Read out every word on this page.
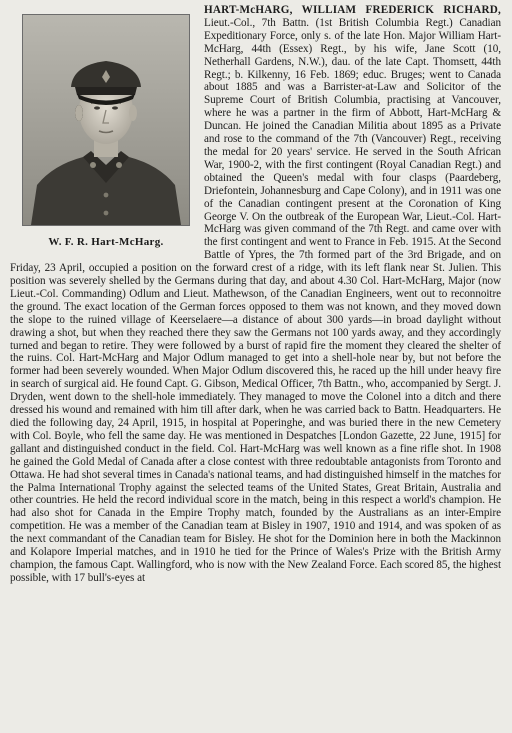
W. F. R. Hart-McHarg.
HART-McHARG, WILLIAM FREDERICK RICHARD, Lieut.-Col., 7th Battn. (1st British Columbia Regt.) Canadian Expeditionary Force, only s. of the late Hon. Major William Hart-McHarg, 44th (Essex) Regt., by his wife, Jane Scott (10, Netherhall Gardens, N.W.), dau. of the late Capt. Thomsett, 44th Regt.; b. Kilkenny, 16 Feb. 1869; educ. Bruges; went to Canada about 1885 and was a Barrister-at-Law and Solicitor of the Supreme Court of British Columbia, practising at Vancouver, where he was a partner in the firm of Abbott, Hart-McHarg & Duncan. He joined the Canadian Militia about 1895 as a Private and rose to the command of the 7th (Vancouver) Regt., receiving the medal for 20 years' service. He served in the South African War, 1900-2, with the first contingent (Royal Canadian Regt.) and obtained the Queen's medal with four clasps (Paardeberg, Driefontein, Johannesburg and Cape Colony), and in 1911 was one of the Canadian contingent present at the Coronation of King George V. On the outbreak of the European War, Lieut.-Col. Hart-McHarg was given command of the 7th Regt. and came over with the first contingent and went to France in Feb. 1915. At the Second Battle of Ypres, the 7th formed part of the 3rd Brigade, and on Friday, 23 April, occupied a position on the forward crest of a ridge, with its left flank near St. Julien. This position was severely shelled by the Germans during that day, and about 4.30 Col. Hart-McHarg, Major (now Lieut.-Col. Commanding) Odlum and Lieut. Mathewson, of the Canadian Engineers, went out to reconnoitre the ground. The exact location of the German forces opposed to them was not known, and they moved down the slope to the ruined village of Keerselaere—a distance of about 300 yards—in broad daylight without drawing a shot, but when they reached there they saw the Germans not 100 yards away, and they accordingly turned and began to retire. They were followed by a burst of rapid fire the moment they cleared the shelter of the ruins. Col. Hart-McHarg and Major Odlum managed to get into a shell-hole near by, but not before the former had been severely wounded. When Major Odlum discovered this, he raced up the hill under heavy fire in search of surgical aid. He found Capt. G. Gibson, Medical Officer, 7th Battn., who, accompanied by Sergt. J. Dryden, went down to the shell-hole immediately. They managed to move the Colonel into a ditch and there dressed his wound and remained with him till after dark, when he was carried back to Battn. Headquarters. He died the following day, 24 April, 1915, in hospital at Poperinghe, and was buried there in the new Cemetery with Col. Boyle, who fell the same day. He was mentioned in Despatches [London Gazette, 22 June, 1915] for gallant and distinguished conduct in the field. Col. Hart-McHarg was well known as a fine rifle shot. In 1908 he gained the Gold Medal of Canada after a close contest with three redoubtable antagonists from Toronto and Ottawa. He had shot several times in Canada's national teams, and had distinguished himself in the matches for the Palma International Trophy against the selected teams of the United States, Great Britain, Australia and other countries. He held the record individual score in the match, being in this respect a world's champion. He had also shot for Canada in the Empire Trophy match, founded by the Australians as an inter-Empire competition. He was a member of the Canadian team at Bisley in 1907, 1910 and 1914, and was spoken of as the next commandant of the Canadian team for Bisley. He shot for the Dominion here in both the Mackinnon and Kolapore Imperial matches, and in 1910 he tied for the Prince of Wales's Prize with the British Army champion, the famous Capt. Wallingford, who is now with the New Zealand Force. Each scored 85, the highest possible, with 17 bull's-eyes at
